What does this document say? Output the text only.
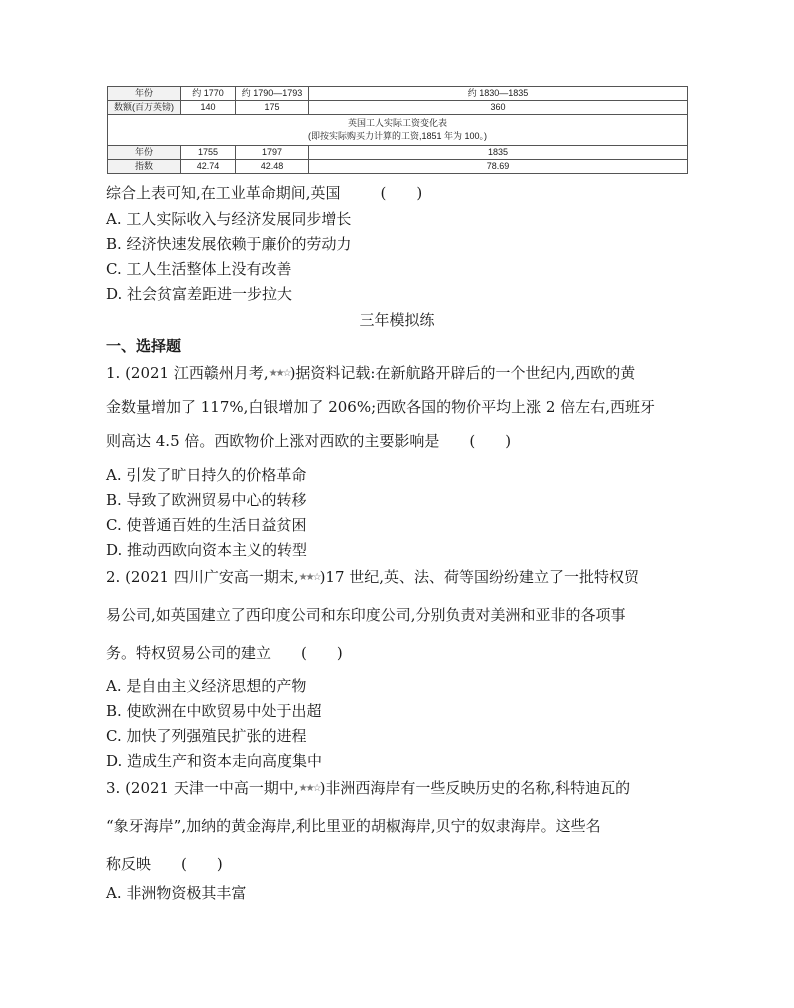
年份	约 1770	约 1790—1793	约 1830—1835
数额(百万英镑)	140	175	360

英国工人实际工资变化表
(即按实际购买力计算的工资,1851 年为 100。)			

年份	1755	1797	1835
指数	42.74	42.48	78.69
综合上表可知,在工业革命期间,英国	(　　)
A. 工人实际收入与经济发展同步增长
B. 经济快速发展依赖于廉价的劳动力
C. 工人生活整体上没有改善
D. 社会贫富差距进一步拉大
三年模拟练
一、选择题
1. (2021 江西赣州月考,★★☆)据资料记载:在新航路开辟后的一个世纪内,西欧的黄
金数量增加了 117%,白银增加了 206%;西欧各国的物价平均上涨 2 倍左右,西班牙
则高达 4.5 倍。西欧物价上涨对西欧的主要影响是 (　　)
A. 引发了旷日持久的价格革命
B. 导致了欧洲贸易中心的转移
C. 使普通百姓的生活日益贫困
D. 推动西欧向资本主义的转型
2. (2021 四川广安高一期末,★★☆)17 世纪,英、法、荷等国纷纷建立了一批特权贸
易公司,如英国建立了西印度公司和东印度公司,分别负责对美洲和亚非的各项事
务。特权贸易公司的建立 (　　)
A. 是自由主义经济思想的产物
B. 使欧洲在中欧贸易中处于出超
C. 加快了列强殖民扩张的进程
D. 造成生产和资本走向高度集中
3. (2021 天津一中高一期中,★★☆)非洲西海岸有一些反映历史的名称,科特迪瓦的
“象牙海岸”,加纳的黄金海岸,利比里亚的胡椒海岸,贝宁的奴隶海岸。这些名
称反映 (　　)
A. 非洲物资极其丰富
